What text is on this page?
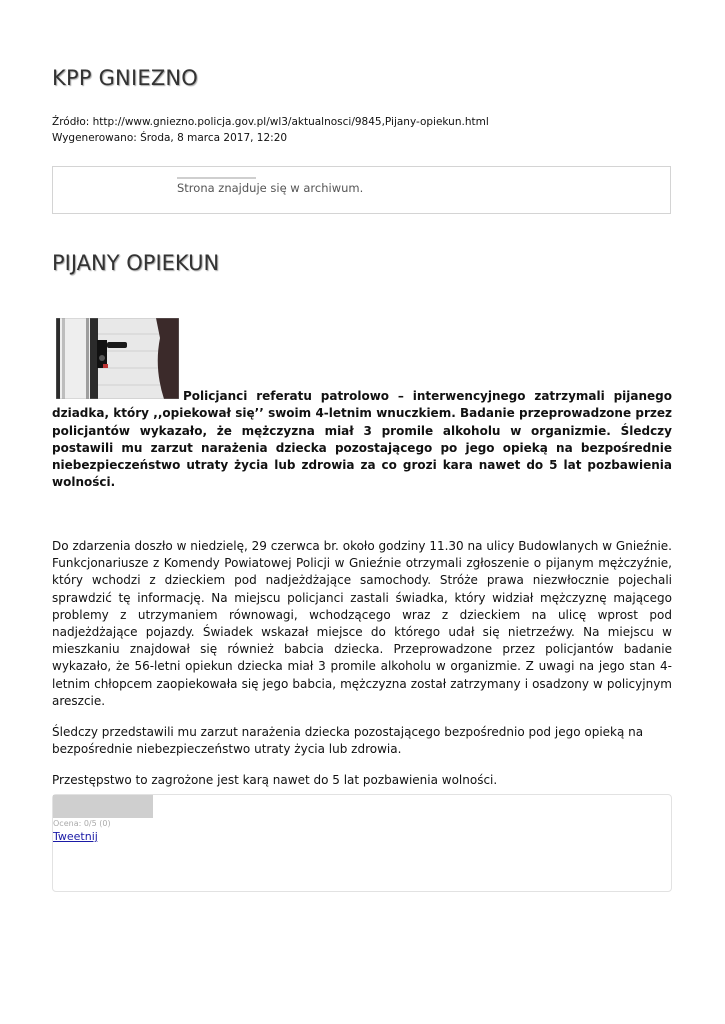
KPP GNIEZNO
Źródło: http://www.gniezno.policja.gov.pl/wl3/aktualnosci/9845,Pijany-opiekun.html
Wygenerowano: Środa, 8 marca 2017, 12:20
Strona znajduje się w archiwum.
PIJANY OPIEKUN
Policjanci referatu patrolowo – interwencyjnego zatrzymali pijanego dziadka, który ,,opiekował się’’ swoim 4-letnim wnuczkiem. Badanie przeprowadzone przez policjantów wykazało, że mężczyzna miał 3 promile alkoholu w organizmie. Śledczy postawili mu zarzut narażenia dziecka pozostającego po jego opieką na bezpośrednie niebezpieczeństwo utraty życia lub zdrowia za co grozi kara nawet do 5 lat pozbawienia wolności.

Do zdarzenia doszło w niedzielę, 29 czerwca br. około godziny 11.30 na ulicy Budowlanych w Gnieźnie. Funkcjonariusze z Komendy Powiatowej Policji w Gnieźnie otrzymali zgłoszenie o pijanym mężczyźnie, który wchodzi z dzieckiem pod nadjeżdżające samochody. Stróże prawa niezwłocznie pojechali sprawdzić tę informację. Na miejscu policjanci zastali świadka, który widział mężczyznę mającego problemy z utrzymaniem równowagi, wchodzącego wraz z dzieckiem na ulicę wprost pod nadjeżdżające pojazdy. Świadek wskazał miejsce do którego udał się nietrzeźwy. Na miejscu w mieszkaniu znajdował się również babcia dziecka. Przeprowadzone przez policjantów badanie wykazało, że 56-letni opiekun dziecka miał 3 promile alkoholu w organizmie. Z uwagi na jego stan 4-letnim chłopcem zaopiekowała się jego babcia, mężczyzna został zatrzymany i osadzony w policyjnym areszcie.

Śledczy przedstawili mu zarzut narażenia dziecka pozostającego bezpośrednio pod jego opieką na bezpośrednie niebezpieczeństwo utraty życia lub zdrowia.

Przestępstwo to zagrożone jest karą nawet do 5 lat pozbawienia wolności.

Ocena: 0/5 (0)
Tweetnij
